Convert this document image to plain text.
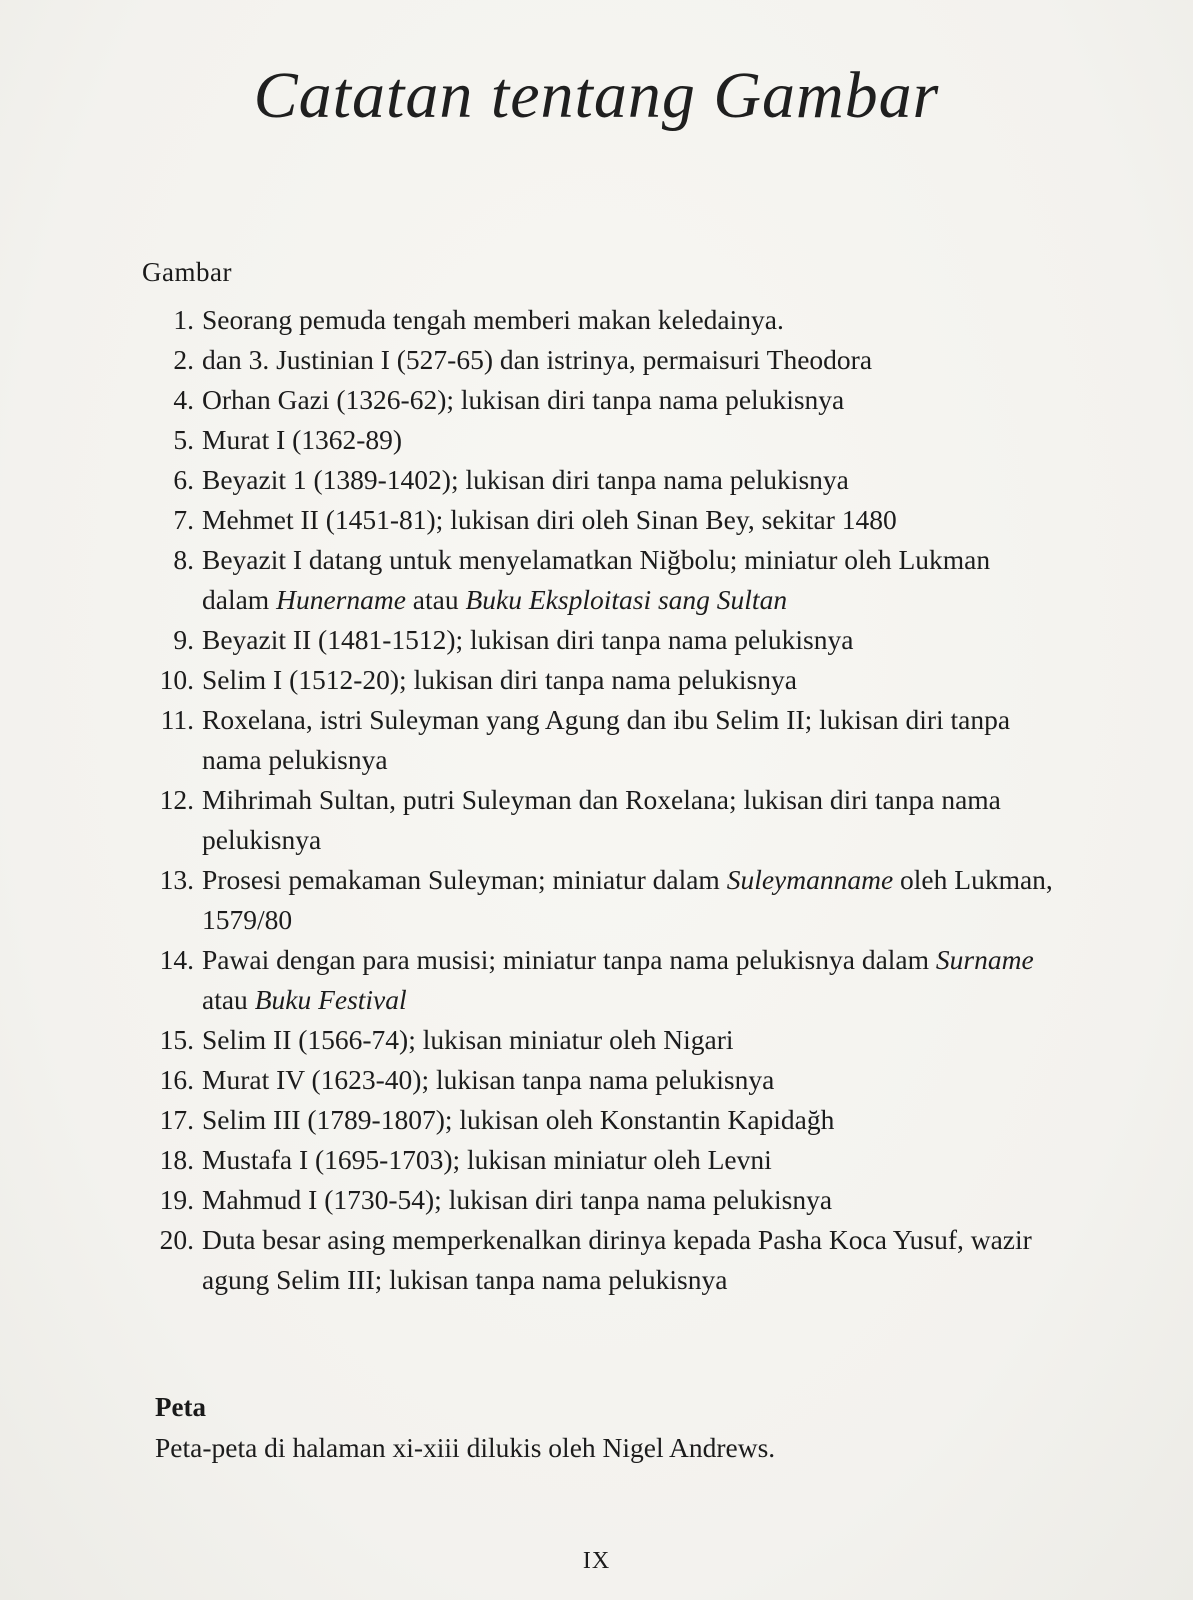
Catatan tentang Gambar
Gambar
1. Seorang pemuda tengah memberi makan keledainya.
2. dan 3. Justinian I (527-65) dan istrinya, permaisuri Theodora
4. Orhan Gazi (1326-62); lukisan diri tanpa nama pelukisnya
5. Murat I (1362-89)
6. Beyazit 1 (1389-1402); lukisan diri tanpa nama pelukisnya
7. Mehmet II (1451-81); lukisan diri oleh Sinan Bey, sekitar 1480
8. Beyazit I datang untuk menyelamatkan Niğbolu; miniatur oleh Lukman dalam Hunername atau Buku Eksploitasi sang Sultan
9. Beyazit II (1481-1512); lukisan diri tanpa nama pelukisnya
10. Selim I (1512-20); lukisan diri tanpa nama pelukisnya
11. Roxelana, istri Suleyman yang Agung dan ibu Selim II; lukisan diri tanpa nama pelukisnya
12. Mihrimah Sultan, putri Suleyman dan Roxelana; lukisan diri tanpa nama pelukisnya
13. Prosesi pemakaman Suleyman; miniatur dalam Suleymanname oleh Lukman, 1579/80
14. Pawai dengan para musisi; miniatur tanpa nama pelukisnya dalam Surname atau Buku Festival
15. Selim II (1566-74); lukisan miniatur oleh Nigari
16. Murat IV (1623-40); lukisan tanpa nama pelukisnya
17. Selim III (1789-1807); lukisan oleh Konstantin Kapidağh
18. Mustafa I (1695-1703); lukisan miniatur oleh Levni
19. Mahmud I (1730-54); lukisan diri tanpa nama pelukisnya
20. Duta besar asing memperkenalkan dirinya kepada Pasha Koca Yusuf, wazir agung Selim III; lukisan tanpa nama pelukisnya
Peta
Peta-peta di halaman xi-xiii dilukis oleh Nigel Andrews.
IX
